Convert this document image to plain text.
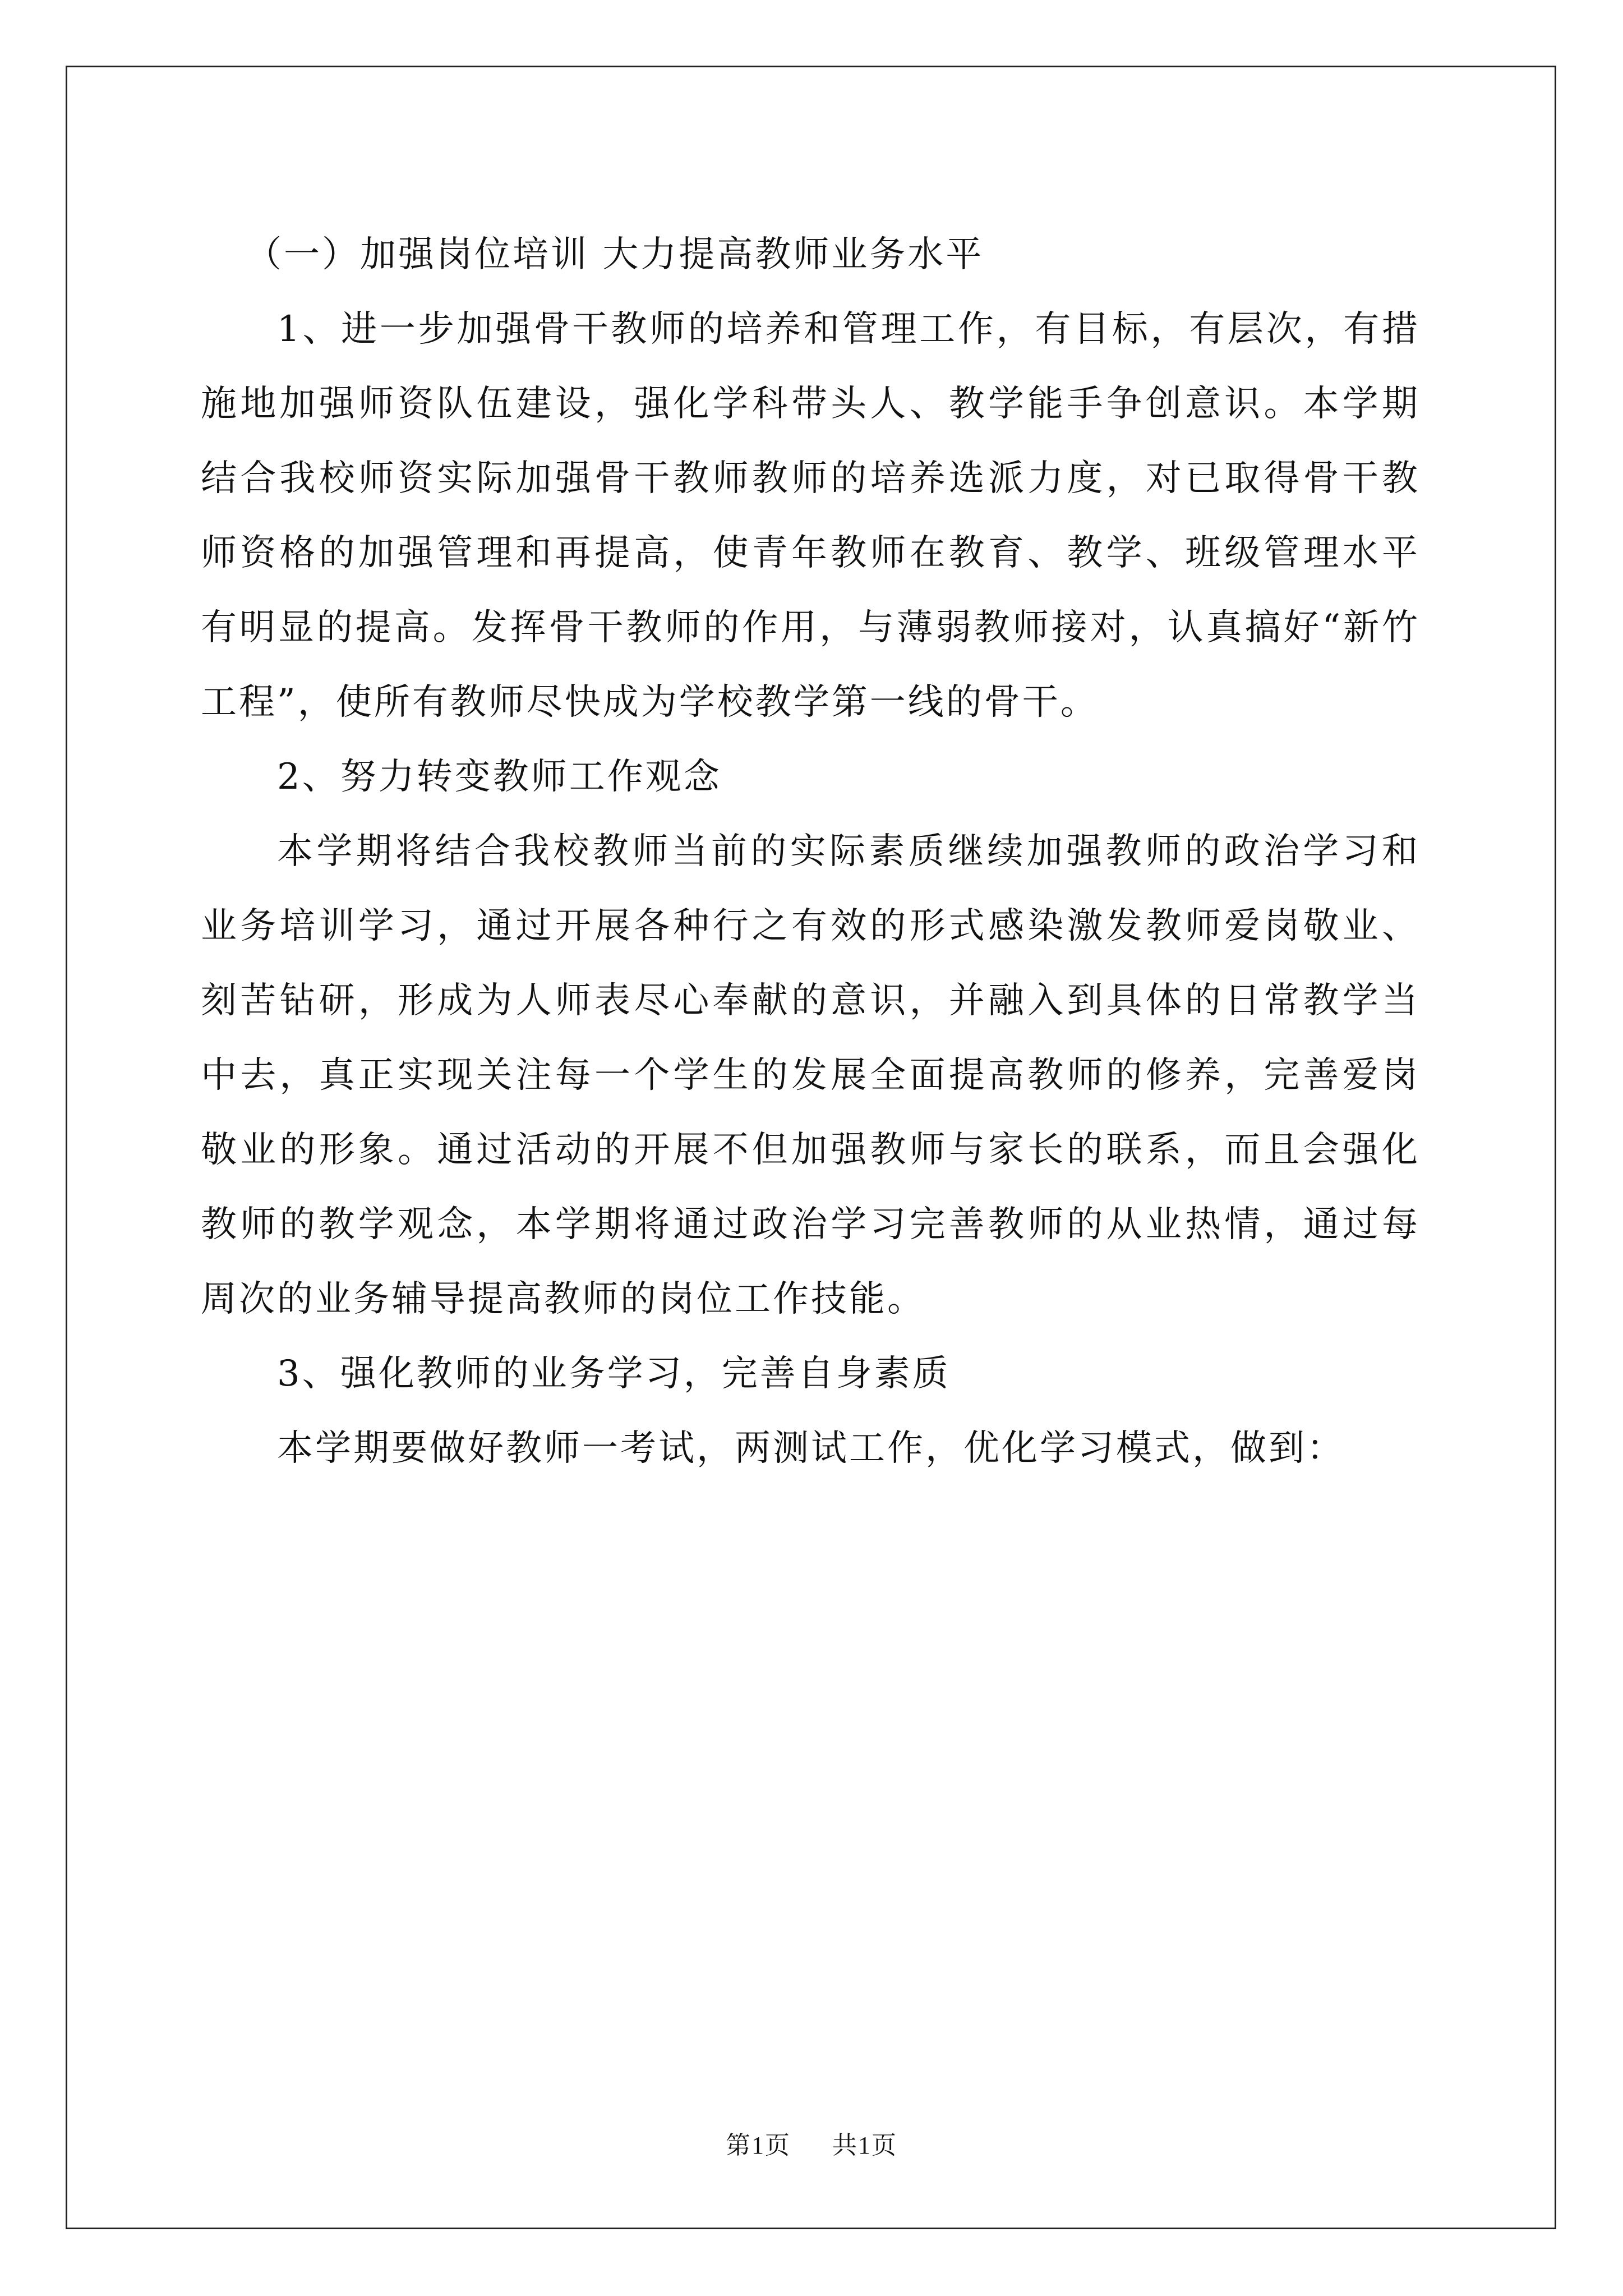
（一）加强岗位培训 大力提高教师业务水平

1、进一步加强骨干教师的培养和管理工作，有目标，有层次，有措施地加强师资队伍建设，强化学科带头人、教学能手争创意识。本学期结合我校师资实际加强骨干教师教师的培养选派力度，对已取得骨干教师资格的加强管理和再提高，使青年教师在教育、教学、班级管理水平有明显的提高。发挥骨干教师的作用，与薄弱教师接对，认真搞好“新竹工程”，使所有教师尽快成为学校教学第一线的骨干。

2、努力转变教师工作观念

本学期将结合我校教师当前的实际素质继续加强教师的政治学习和业务培训学习，通过开展各种行之有效的形式感染激发教师爱岗敬业、刻苦钻研，形成为人师表尽心奉献的意识，并融入到具体的日常教学当中去，真正实现关注每一个学生的发展全面提高教师的修养，完善爱岗敬业的形象。通过活动的开展不但加强教师与家长的联系，而且会强化教师的教学观念，本学期将通过政治学习完善教师的从业热情，通过每周次的业务辅导提高教师的岗位工作技能。

3、强化教师的业务学习，完善自身素质

本学期要做好教师一考试，两测试工作，优化学习模式，做到：

第1页 共1页
